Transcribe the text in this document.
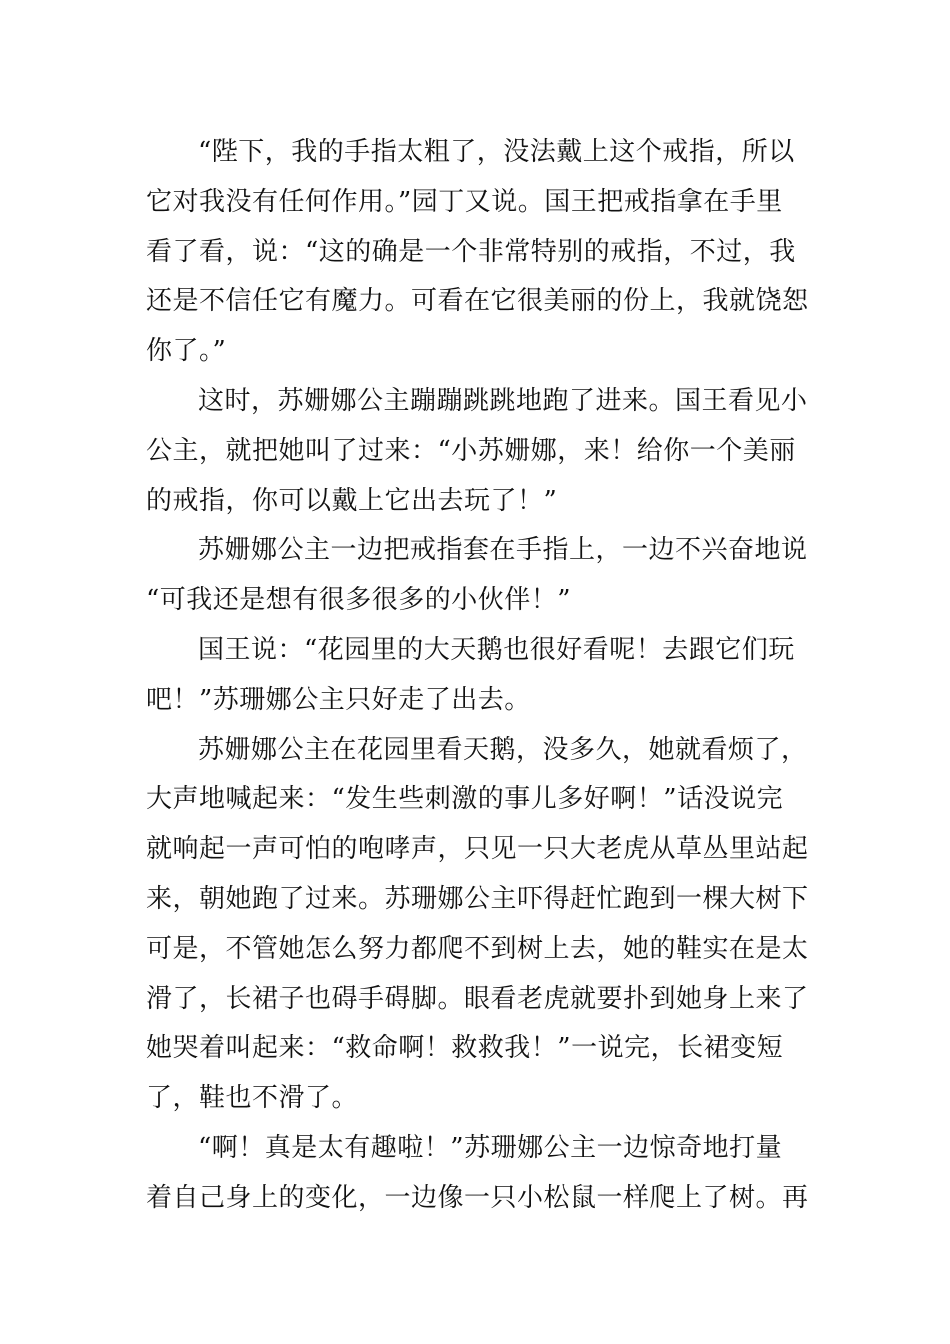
“陛下，我的手指太粗了，没法戴上这个戒指，所以
它对我没有任何作用。”园丁又说。国王把戒指拿在手里
看了看，说：“这的确是一个非常特别的戒指，不过，我
还是不信任它有魔力。可看在它很美丽的份上，我就饶恕
你了。”
这时，苏姗娜公主蹦蹦跳跳地跑了进来。国王看见小
公主，就把她叫了过来：“小苏姗娜，来！给你一个美丽
的戒指，你可以戴上它出去玩了！”
苏姗娜公主一边把戒指套在手指上，一边不兴奋地说
“可我还是想有很多很多的小伙伴！”
国王说：“花园里的大天鹅也很好看呢！去跟它们玩
吧！”苏珊娜公主只好走了出去。
苏姗娜公主在花园里看天鹅，没多久，她就看烦了，
大声地喊起来：“发生些刺激的事儿多好啊！”话没说完
就响起一声可怕的咆哮声，只见一只大老虎从草丛里站起
来，朝她跑了过来。苏珊娜公主吓得赶忙跑到一棵大树下
可是，不管她怎么努力都爬不到树上去，她的鞋实在是太
滑了，长裙子也碍手碍脚。眼看老虎就要扑到她身上来了
她哭着叫起来：“救命啊！救救我！”一说完，长裙变短
了，鞋也不滑了。
“啊！真是太有趣啦！”苏珊娜公主一边惊奇地打量
着自己身上的变化，一边像一只小松鼠一样爬上了树。再
